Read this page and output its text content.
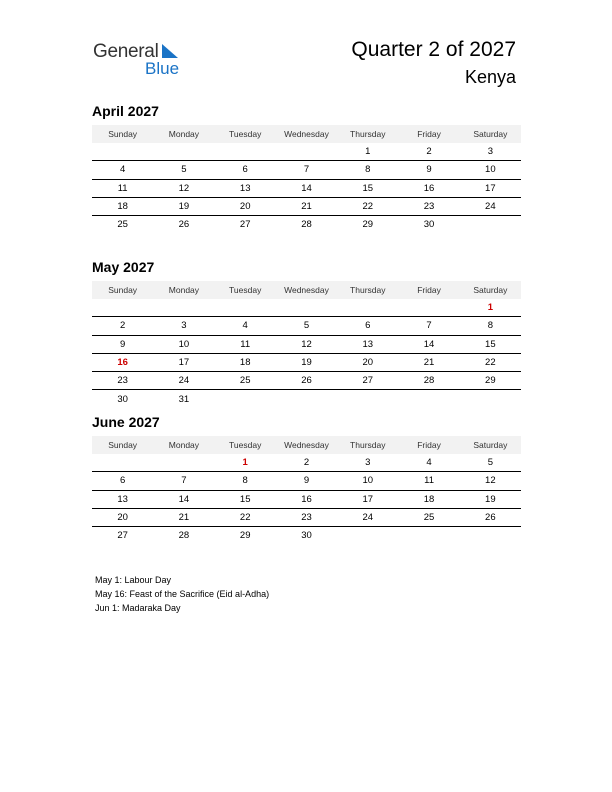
General
Blue
Quarter 2 of 2027
Kenya
April 2027
Sunday	Monday	Tuesday	Wednesday	Thursday	Friday	Saturday
				1	2	3
4	5	6	7	8	9	10
11	12	13	14	15	16	17
18	19	20	21	22	23	24
25	26	27	28	29	30	
May 2027
Sunday	Monday	Tuesday	Wednesday	Thursday	Friday	Saturday
						1
2	3	4	5	6	7	8
9	10	11	12	13	14	15
16	17	18	19	20	21	22
23	24	25	26	27	28	29
30	31					
June 2027
Sunday	Monday	Tuesday	Wednesday	Thursday	Friday	Saturday
		1	2	3	4	5
6	7	8	9	10	11	12
13	14	15	16	17	18	19
20	21	22	23	24	25	26
27	28	29	30			
May 1: Labour Day
May 16: Feast of the Sacrifice (Eid al-Adha)
Jun 1: Madaraka Day
